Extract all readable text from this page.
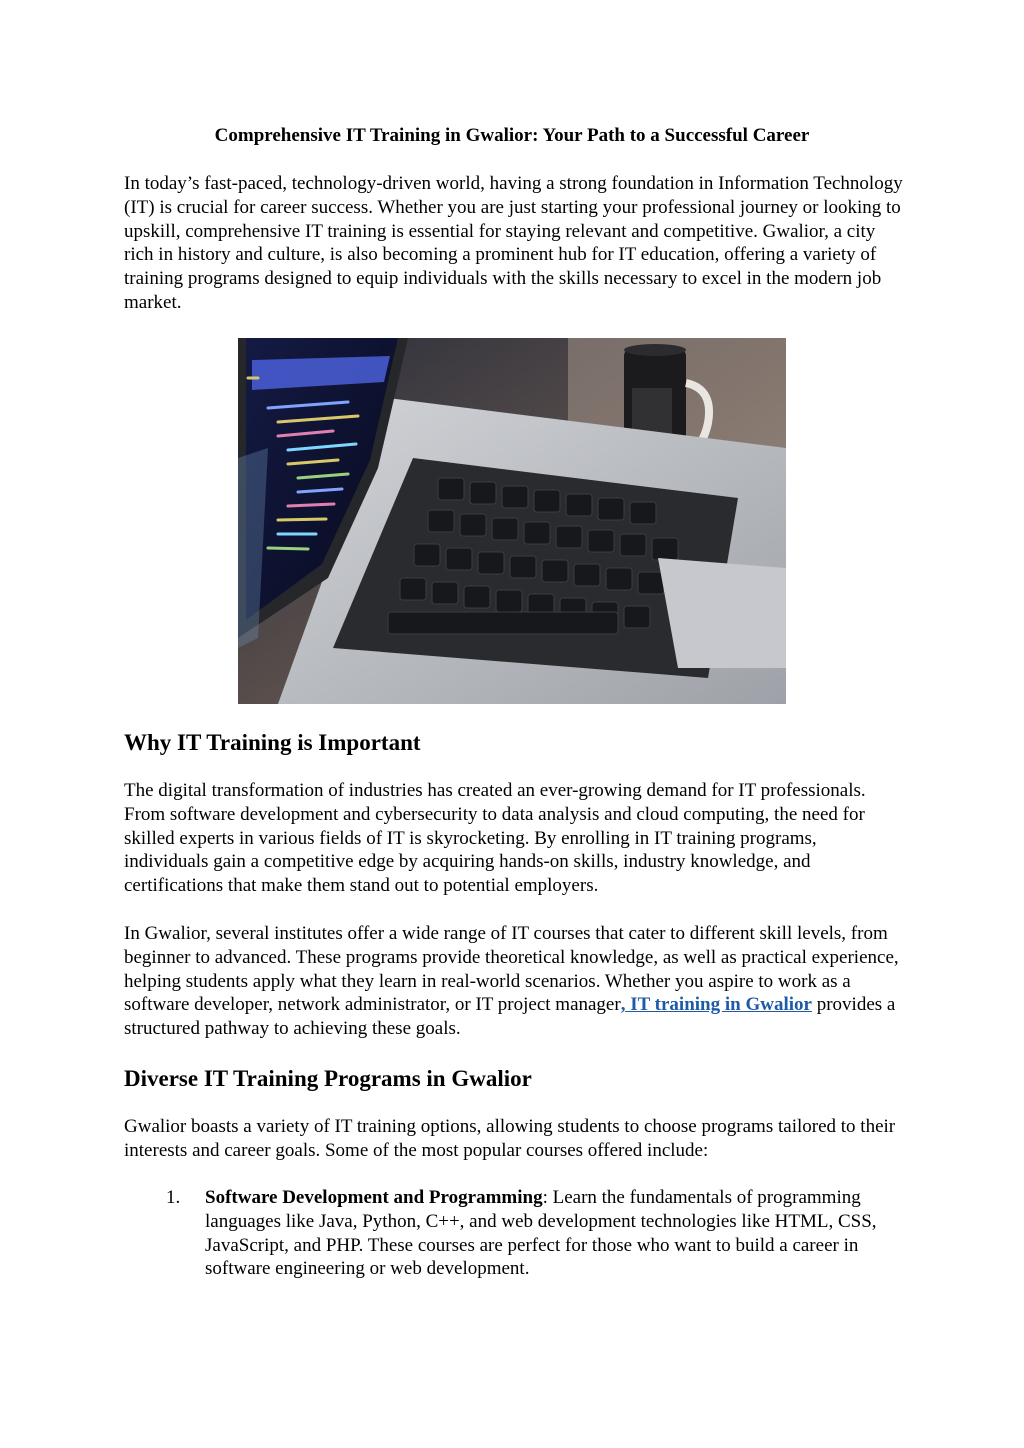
Comprehensive IT Training in Gwalior: Your Path to a Successful Career

In today’s fast-paced, technology-driven world, having a strong foundation in Information Technology (IT) is crucial for career success. Whether you are just starting your professional journey or looking to upskill, comprehensive IT training is essential for staying relevant and competitive. Gwalior, a city rich in history and culture, is also becoming a prominent hub for IT education, offering a variety of training programs designed to equip individuals with the skills necessary to excel in the modern job market.

Why IT Training is Important

The digital transformation of industries has created an ever-growing demand for IT professionals. From software development and cybersecurity to data analysis and cloud computing, the need for skilled experts in various fields of IT is skyrocketing. By enrolling in IT training programs, individuals gain a competitive edge by acquiring hands-on skills, industry knowledge, and certifications that make them stand out to potential employers.

In Gwalior, several institutes offer a wide range of IT courses that cater to different skill levels, from beginner to advanced. These programs provide theoretical knowledge, as well as practical experience, helping students apply what they learn in real-world scenarios. Whether you aspire to work as a software developer, network administrator, or IT project manager, IT training in Gwalior provides a structured pathway to achieving these goals.

Diverse IT Training Programs in Gwalior

Gwalior boasts a variety of IT training options, allowing students to choose programs tailored to their interests and career goals. Some of the most popular courses offered include:

1. Software Development and Programming: Learn the fundamentals of programming languages like Java, Python, C++, and web development technologies like HTML, CSS, JavaScript, and PHP. These courses are perfect for those who want to build a career in software engineering or web development.
